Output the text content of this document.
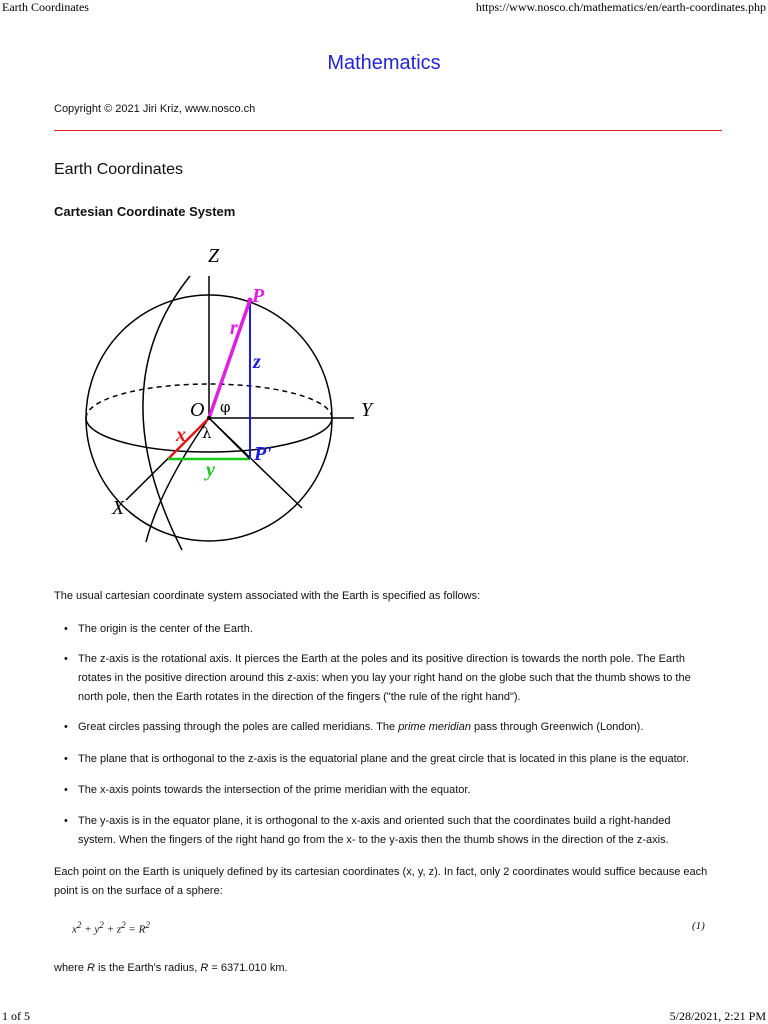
Earth Coordinates	https://www.nosco.ch/mathematics/en/earth-coordinates.php
Mathematics
Copyright © 2021 Jiri Kriz, www.nosco.ch
Earth Coordinates
Cartesian Coordinate System
Z
Y
X
O
P
r
z
x
y
P'
φ
λ
The usual cartesian coordinate system associated with the Earth is specified as follows:
• The origin is the center of the Earth.
• The z-axis is the rotational axis. It pierces the Earth at the poles and its positive direction is towards the north pole. The Earth rotates in the positive direction around this z-axis: when you lay your right hand on the globe such that the thumb shows to the north pole, then the Earth rotates in the direction of the fingers ("the rule of the right hand").
• Great circles passing through the poles are called meridians. The prime meridian pass through Greenwich (London).
• The plane that is orthogonal to the z-axis is the equatorial plane and the great circle that is located in this plane is the equator.
• The x-axis points towards the intersection of the prime meridian with the equator.
• The y-axis is in the equator plane, it is orthogonal to the x-axis and oriented such that the coordinates build a right-handed system. When the fingers of the right hand go from the x- to the y-axis then the thumb shows in the direction of the z-axis.
Each point on the Earth is uniquely defined by its cartesian coordinates (x, y, z). In fact, only 2 coordinates would suffice because each point is on the surface of a sphere:
$x^2 + y^2 + z^2 = R^2$	(1)
where R is the Earth's radius, R = 6371.010 km.
1 of 5	5/28/2021, 2:21 PM
